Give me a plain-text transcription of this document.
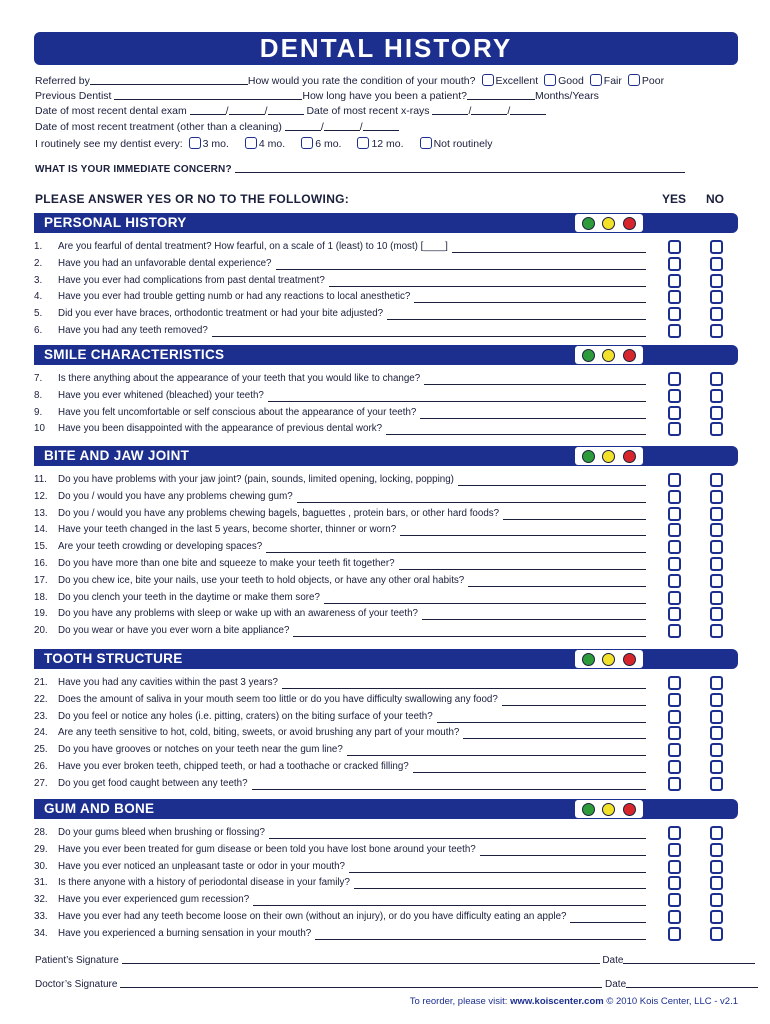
DENTAL HISTORY
Referred by	How would you rate the condition of your mouth? Excellent Good Fair Poor
Previous Dentist	How long have you been a patient?	Months/Years
Date of most recent dental exam	/	/	Date of most recent x-rays	/	/
Date of most recent treatment (other than a cleaning)	/	/
I routinely see my dentist every: 3 mo.	4 mo.	6 mo.	12 mo.	Not routinely
WHAT IS YOUR IMMEDIATE CONCERN?
PLEASE ANSWER YES OR NO TO THE FOLLOWING:	YES NO
PERSONAL HISTORY
1.	Are you fearful of dental treatment? How fearful, on a scale of 1 (least) to 10 (most) [____]
2.	Have you had an unfavorable dental experience?
3.	Have you ever had complications from past dental treatment?
4.	Have you ever had trouble getting numb or had any reactions to local anesthetic?
5.	Did you ever have braces, orthodontic treatment or had your bite adjusted?
6.	Have you had any teeth removed?
SMILE CHARACTERISTICS
7.	Is there anything about the appearance of your teeth that you would like to change?
8.	Have you ever whitened (bleached) your teeth?
9.	Have you felt uncomfortable or self conscious about the appearance of your teeth?
10	Have you been disappointed with the appearance of previous dental work?
BITE AND JAW JOINT
11.	Do you have problems with your jaw joint? (pain, sounds, limited opening, locking, popping)
12.	Do you / would you have any problems chewing gum?
13.	Do you / would you have any problems chewing bagels, baguettes , protein bars, or other hard foods?
14.	Have your teeth changed in the last 5 years, become shorter, thinner or worn?
15.	Are your teeth crowding or developing spaces?
16.	Do you have more than one bite and squeeze to make your teeth fit together?
17.	Do you chew ice, bite your nails, use your teeth to hold objects, or have any other oral habits?
18.	Do you clench your teeth in the daytime or make them sore?
19.	Do you have any problems with sleep or wake up with an awareness of your teeth?
20.	Do you wear or have you ever worn a bite appliance?
TOOTH STRUCTURE
21.	Have you had any cavities within the past 3 years?
22.	Does the amount of saliva in your mouth seem too little or do you have difficulty swallowing any food?
23.	Do you feel or notice any holes (i.e. pitting, craters) on the biting surface of your teeth?
24.	Are any teeth sensitive to hot, cold, biting, sweets, or avoid brushing any part of your mouth?
25.	Do you have grooves or notches on your teeth near the gum line?
26.	Have you ever broken teeth, chipped teeth, or had a toothache or cracked filling?
27.	Do you get food caught between any teeth?
GUM AND BONE
28.	Do your gums bleed when brushing or flossing?
29.	Have you ever been treated for gum disease or been told you have lost bone around your teeth?
30.	Have you ever noticed an unpleasant taste or odor in your mouth?
31.	Is there anyone with a history of periodontal disease in your family?
32.	Have you ever experienced gum recession?
33.	Have you ever had any teeth become loose on their own (without an injury), or do you have difficulty eating an apple?
34.	Have you experienced a burning sensation in your mouth?
Patient’s Signature	Date
Doctor’s Signature	Date
To reorder, please visit: www.koiscenter.com © 2010 Kois Center, LLC - v2.1
